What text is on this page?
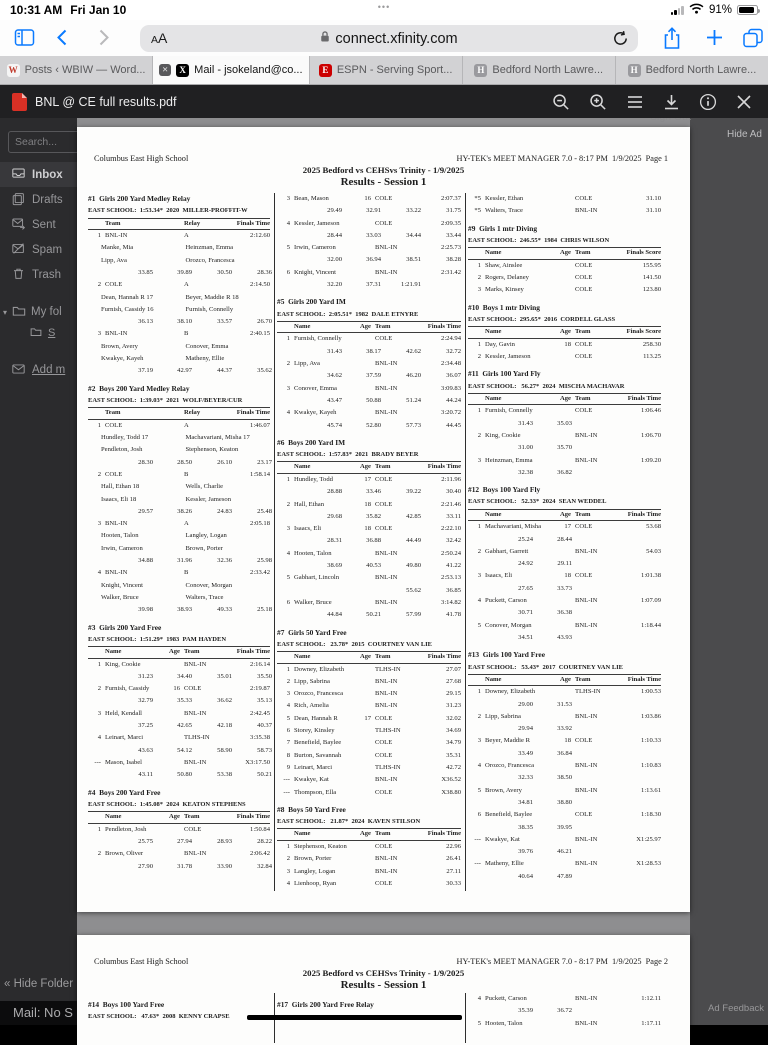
10:31 AM Fri Jan 10	•••	91%
AA	connect.xfinity.com
W Posts ‹ WBIW — Word...	✕	X Mail - jsokeland@co...	E ESPN - Serving Sport...	H Bedford North Lawre...	H Bedford North Lawre...
BNL @ CE full results.pdf
Search...
Inbox
Drafts
Sent
Spam
Trash
▾ My fol
S
Add m
Hide Ad
Ad Feedback
Columbus East High School	HY-TEK's MEET MANAGER 7.0 - 8:17 PM  1/9/2025  Page 1
2025 Bedford vs CEHSvs Trinity - 1/9/2025
Results - Session 1
#1  Girls 200 Yard Medley Relay
EAST SCHOOL:  1:53.34*  2020  MILLER-PROFFIT-W
Team	Relay	Finals Time
1 BNL-IN	A	2:12.60
Manke, Mia	Heinzman, Emma
Lipp, Ava	Orozco, Francesca
33.85	39.89	30.50	28.36
2 COLE	A	2:14.50
Dean, Hannah R 17	Beyer, Maddie R 18
Furnish, Cassidy 16	Furnish, Connelly
36.13	38.10	33.57	26.70
3 BNL-IN	B	2:40.15
Brown, Avery	Conover, Emma
Kwakye, Kayeh	Matheny, Ellie
37.19	42.97	44.37	35.62
#2  Boys 200 Yard Medley Relay
EAST SCHOOL:  1:39.03*  2021  WOLF/BEYER/CUR
Team	Relay	Finals Time
1 COLE	A	1:46.07
Hundley, Todd 17	Machavariani, Misha 17
Pendleton, Josh	Stephenson, Keaton
28.30	28.50	26.10	23.17
2 COLE	B	1:58.14
Hall, Ethan 18	Wells, Charlie
Isaacs, Eli 18	Kessler, Jameson
29.57	38.26	24.83	25.48
3 BNL-IN	A	2:05.18
Hooten, Talon	Langley, Logan
Irwin, Cameron	Brown, Porter
34.88	31.96	32.36	25.98
4 BNL-IN	B	2:33.42
Knight, Vincent	Conover, Morgan
Walker, Bruce	Walters, Trace
39.98	38.93	49.33	25.18
#3  Girls 200 Yard Free
EAST SCHOOL:  1:51.29*  1983  PAM HAYDEN
Name	Age Team	Finals Time
1 King, Cookie	BNL-IN	2:16.14
31.23	34.40	35.01	35.50
2 Furnish, Cassidy	16 COLE	2:19.87
32.79	35.33	36.62	35.13
3 Held, Kendall	BNL-IN	2:42.45
37.25	42.65	42.18	40.37
4 Leinart, Marci	TLHS-IN	3:35.38
43.63	54.12	58.90	58.73
--- Mason, Isabel	BNL-IN	X3:17.50
43.11	50.80	53.38	50.21
#4  Boys 200 Yard Free
EAST SCHOOL:  1:45.08*  2024  KEATON STEPHENS
Name	Age Team	Finals Time
1 Pendleton, Josh	COLE	1:50.84
25.75	27.94	28.93	28.22
2 Brown, Oliver	BNL-IN	2:06.42
27.90	31.78	33.90	32.84
3 Bean, Mason	16 COLE	2:07.37
29.49	32.91	33.22	31.75
4 Kessler, Jameson	COLE	2:09.35
28.44	33.03	34.44	33.44
5 Irwin, Cameron	BNL-IN	2:25.73
32.00	36.94	38.51	38.28
6 Knight, Vincent	BNL-IN	2:31.42
32.20	37.31	1:21.91
#5  Girls 200 Yard IM
EAST SCHOOL:  2:05.51*  1982  DALE ETNYRE
Name	Age Team	Finals Time
1 Furnish, Connelly	COLE	2:24.94
31.43	38.17	42.62	32.72
2 Lipp, Ava	BNL-IN	2:34.48
34.62	37.59	46.20	36.07
3 Conover, Emma	BNL-IN	3:09.83
43.47	50.88	51.24	44.24
4 Kwakye, Kayeh	BNL-IN	3:20.72
45.74	52.80	57.73	44.45
#6  Boys 200 Yard IM
EAST SCHOOL:  1:57.83*  2021  BRADY BEYER
Name	Age Team	Finals Time
1 Hundley, Todd	17 COLE	2:11.96
28.88	33.46	39.22	30.40
2 Hall, Ethan	18 COLE	2:21.46
29.68	35.82	42.85	33.11
3 Isaacs, Eli	18 COLE	2:22.10
28.31	36.88	44.49	32.42
4 Hooten, Talon	BNL-IN	2:50.24
38.69	40.53	49.80	41.22
5 Gabhart, Lincoln	BNL-IN	2:53.13
55.62	36.85
6 Walker, Bruce	BNL-IN	3:14.82
44.84	50.21	57.99	41.78
#7  Girls 50 Yard Free
EAST SCHOOL:   23.78*  2015  COURTNEY VAN LIE
Name	Age Team	Finals Time
1 Downey, Elizabeth	TLHS-IN	27.07
2 Lipp, Sabrina	BNL-IN	27.68
3 Orozco, Francesca	BNL-IN	29.15
4 Rich, Amelia	BNL-IN	31.23
5 Dean, Hannah R	17 COLE	32.02
6 Storey, Kinsley	TLHS-IN	34.69
7 Benefield, Baylee	COLE	34.79
8 Burton, Savannah	COLE	35.31
9 Leinart, Marci	TLHS-IN	42.72
--- Kwakye, Kat	BNL-IN	X36.52
--- Thompson, Ella	COLE	X38.80
#8  Boys 50 Yard Free
EAST SCHOOL:   21.87*  2024  KAVEN STILSON
Name	Age Team	Finals Time
1 Stephenson, Keaton	COLE	22.96
2 Brown, Porter	BNL-IN	26.41
3 Langley, Logan	BNL-IN	27.11
4 Lienhoop, Ryan	COLE	30.33
*5 Kessler, Ethan	COLE	31.10
*5 Walters, Trace	BNL-IN	31.10
#9  Girls 1 mtr Diving
EAST SCHOOL:  246.55*  1984  CHRIS WILSON
Name	Age Team	Finals Score
1 Shaw, Ainslee	COLE	155.95
2 Rogers, Delaney	COLE	141.50
3 Marks, Kinsey	COLE	123.80
#10  Boys 1 mtr Diving
EAST SCHOOL:  295.65*  2016  CORDELL GLASS
Name	Age Team	Finals Score
1 Day, Gavin	18 COLE	258.30
2 Kessler, Jameson	COLE	113.25
#11  Girls 100 Yard Fly
EAST SCHOOL:   56.27*  2024  MISCHA MACHAVAR
Name	Age Team	Finals Time
1 Furnish, Connelly	COLE	1:06.46
31.43	35.03
2 King, Cookie	BNL-IN	1:06.70
31.00	35.70
3 Heinzman, Emma	BNL-IN	1:09.20
32.38	36.82
#12  Boys 100 Yard Fly
EAST SCHOOL:   52.33*  2024  SEAN WEDDEL
Name	Age Team	Finals Time
1 Machavariani, Misha	17 COLE	53.68
25.24	28.44
2 Gabhart, Garrett	BNL-IN	54.03
24.92	29.11
3 Isaacs, Eli	18 COLE	1:01.38
27.65	33.73
4 Puckett, Carson	BNL-IN	1:07.09
30.71	36.38
5 Conover, Morgan	BNL-IN	1:18.44
34.51	43.93
#13  Girls 100 Yard Free
EAST SCHOOL:   53.43*  2017  COURTNEY VAN LIE
Name	Age Team	Finals Time
1 Downey, Elizabeth	TLHS-IN	1:00.53
29.00	31.53
2 Lipp, Sabrina	BNL-IN	1:03.86
29.94	33.92
3 Beyer, Maddie R	18 COLE	1:10.33
33.49	36.84
4 Orozco, Francesca	BNL-IN	1:10.83
32.33	38.50
5 Brown, Avery	BNL-IN	1:13.61
34.81	38.80
6 Benefield, Baylee	COLE	1:18.30
38.35	39.95
--- Kwakye, Kat	BNL-IN	X1:25.97
39.76	46.21
--- Matheny, Ellie	BNL-IN	X1:28.53
40.64	47.89
Columbus East High School	HY-TEK's MEET MANAGER 7.0 - 8:17 PM  1/9/2025  Page 2
2025 Bedford vs CEHSvs Trinity - 1/9/2025
Results - Session 1
#14  Boys 100 Yard Free
EAST SCHOOL:   47.63*  2008  KENNY CRAPSE
#17  Girls 200 Yard Free Relay
4 Puckett, Carson	BNL-IN	1:12.11
35.39	36.72
5 Hooten, Talon	BNL-IN	1:17.11
« Hide Folder
Mail: No S
